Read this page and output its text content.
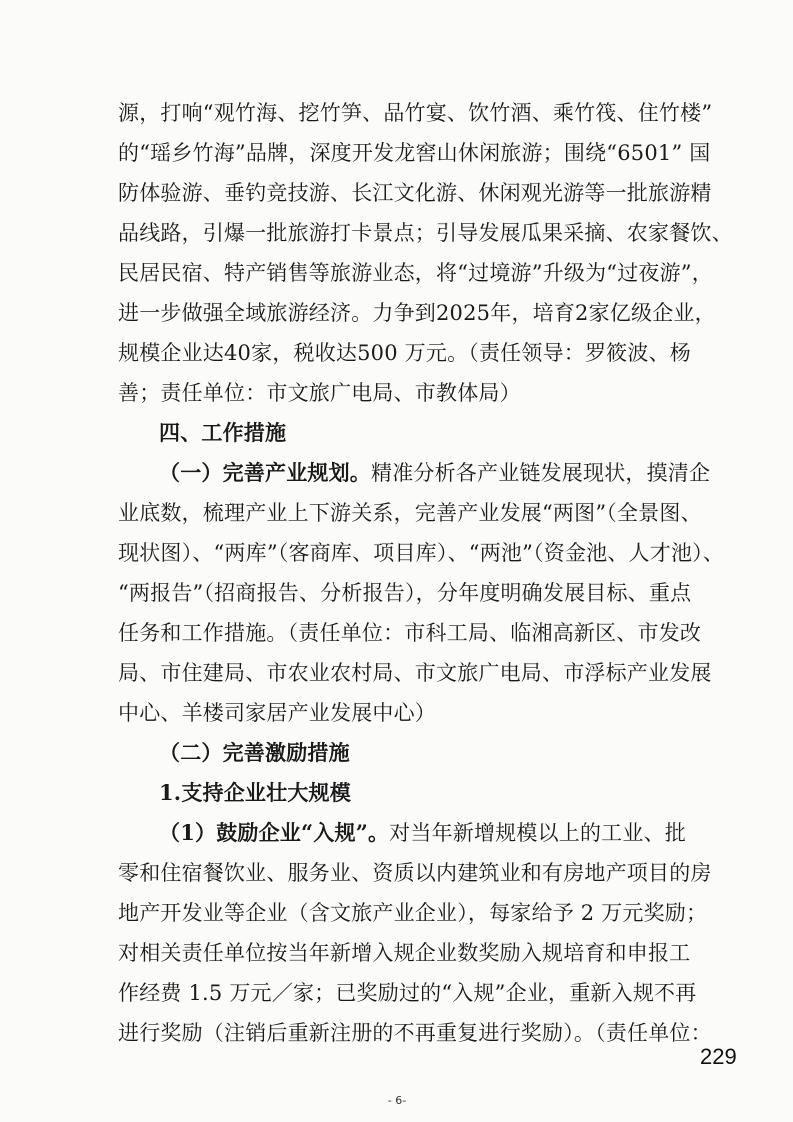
源，打响“观竹海、挖竹笋、品竹宴、饮竹酒、乘竹筏、住竹楼”
的“瑶乡竹海”品牌，深度开发龙窖山休闲旅游；围绕“6501” 国
防体验游、垂钓竞技游、长江文化游、休闲观光游等一批旅游精
品线路，引爆一批旅游打卡景点；引导发展瓜果采摘、农家餐饮、
民居民宿、特产销售等旅游业态，将“过境游”升级为“过夜游”，
进一步做强全域旅游经济。力争到2025年，培育2家亿级企业，
规模企业达40家，税收达500 万元。（责任领导：罗筱波、杨
善；责任单位：市文旅广电局、市教体局）
四、工作措施
（一）完善产业规划。精准分析各产业链发展现状，摸清企
业底数，梳理产业上下游关系，完善产业发展“两图”（全景图、
现状图）、“两库”（客商库、项目库）、“两池”（资金池、人才池）、
“两报告”（招商报告、分析报告），分年度明确发展目标、重点
任务和工作措施。（责任单位：市科工局、临湘高新区、市发改
局、市住建局、市农业农村局、市文旅广电局、市浮标产业发展
中心、羊楼司家居产业发展中心）
（二）完善激励措施
1.支持企业壮大规模
（1）鼓励企业“入规”。对当年新增规模以上的工业、批
零和住宿餐饮业、服务业、资质以内建筑业和有房地产项目的房
地产开发业等企业（含文旅产业企业），每家给予 2 万元奖励；
对相关责任单位按当年新增入规企业数奖励入规培育和申报工
作经费 1.5 万元／家；已奖励过的“入规”企业，重新入规不再
229
- 6-
进行奖励（注销后重新注册的不再重复进行奖励）。（责任单位：
